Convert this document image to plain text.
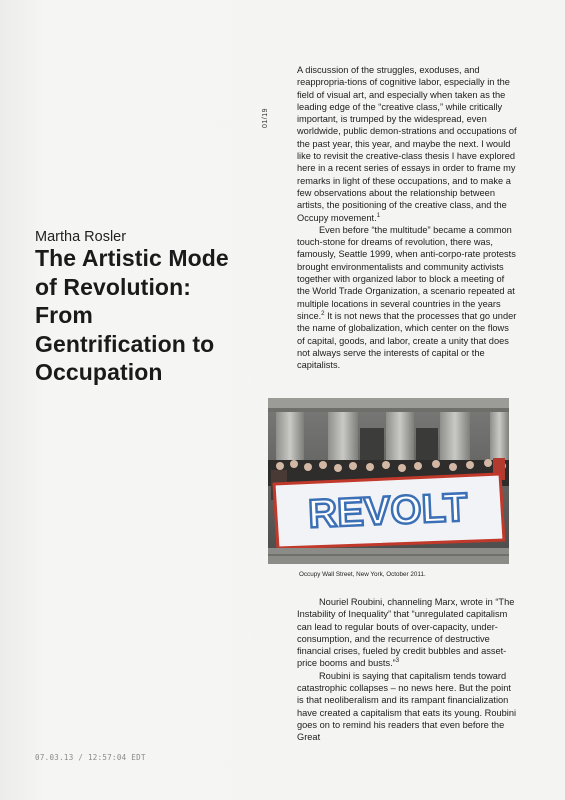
01/19
Martha Rosler
The Artistic Mode of Revolution: From Gentrification to Occupation

A discussion of the struggles, exoduses, and reappropria-tions of cognitive labor, especially in the field of visual art, and especially when taken as the leading edge of the “creative class,” while critically important, is trumped by the widespread, even worldwide, public demon-strations and occupations of the past year, this year, and maybe the next. I would like to revisit the creative-class thesis I have explored here in a recent series of essays in order to frame my remarks in light of these occupations, and to make a few observations about the relationship between artists, the positioning of the creative class, and the Occupy movement.$^1$

Even before “the multitude” became a common touch-stone for dreams of revolution, there was, famously, Seattle 1999, when anti-corpo-rate protests brought environmentalists and community activists together with organized labor to block a meeting of the World Trade Organization, a scenario repeated at multiple locations in several countries in the years since.$^2$ It is not news that the processes that go under the name of globalization, which center on the flows of capital, goods, and labor, create a unity that does not always serve the interests of capital or the capitalists.

REVOLT
Occupy Wall Street, New York, October 2011.

Nouriel Roubini, channeling Marx, wrote in “The Instability of Inequality” that “unregulated capitalism can lead to regular bouts of over-capacity, under-consumption, and the recurrence of destructive financial crises, fueled by credit bubbles and asset-price booms and busts.”$^3$

Roubini is saying that capitalism tends toward catastrophic collapses – no news here. But the point is that neoliberalism and its rampant financialization have created a capitalism that eats its young. Roubini goes on to remind his readers that even before the Great

07.03.13 / 12:57:04 EDT
